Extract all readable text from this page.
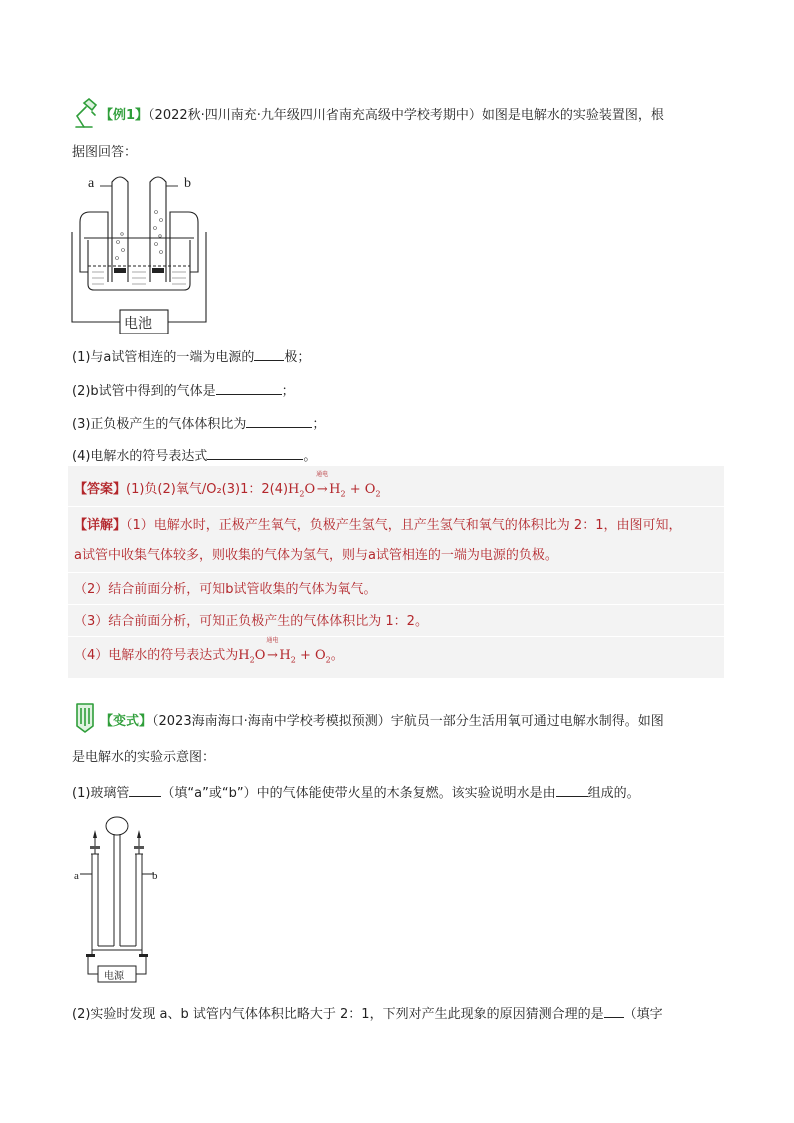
【例1】（2022秋·四川南充·九年级四川省南充高级中学校考期中）如图是电解水的实验装置图，根
据图回答：
a	b
电池
(1)与a试管相连的一端为电源的 极；
(2)b试管中得到的气体是	；
(3)正负极产生的气体体积比为	；
(4)电解水的符号表达式	。
【答案】(1)负(2)氧气/O₂(3)1：$2(4)H_2O$
通电
→ $H_2 + O_2$
【详解】（1）电解水时，正极产生氧气，负极产生氢气，且产生氢气和氧气的体积比为 2：1，由图可知，
a试管中收集气体较多，则收集的气体为氢气，则与a试管相连的一端为电源的负极。
（2）结合前面分析，可知b试管收集的气体为氧气。
（3）结合前面分析，可知正负极产生的气体体积比为 1：2。
（4）电解水的符号表达式为$H_2O$
通电
→ $H_2 + O_2$。
【变式】（2023海南海口·海南中学校考模拟预测）宇航员一部分生活用氧可通过电解水制得。如图
是电解水的实验示意图：
(1)玻璃管 （填“a”或“b”）中的气体能使带火星的木条复燃。该实验说明水是由 组成的。
a	b
电源
(2)实验时发现 a、b 试管内气体体积比略大于 2：1，下列对产生此现象的原因猜测合理的是 （填字
